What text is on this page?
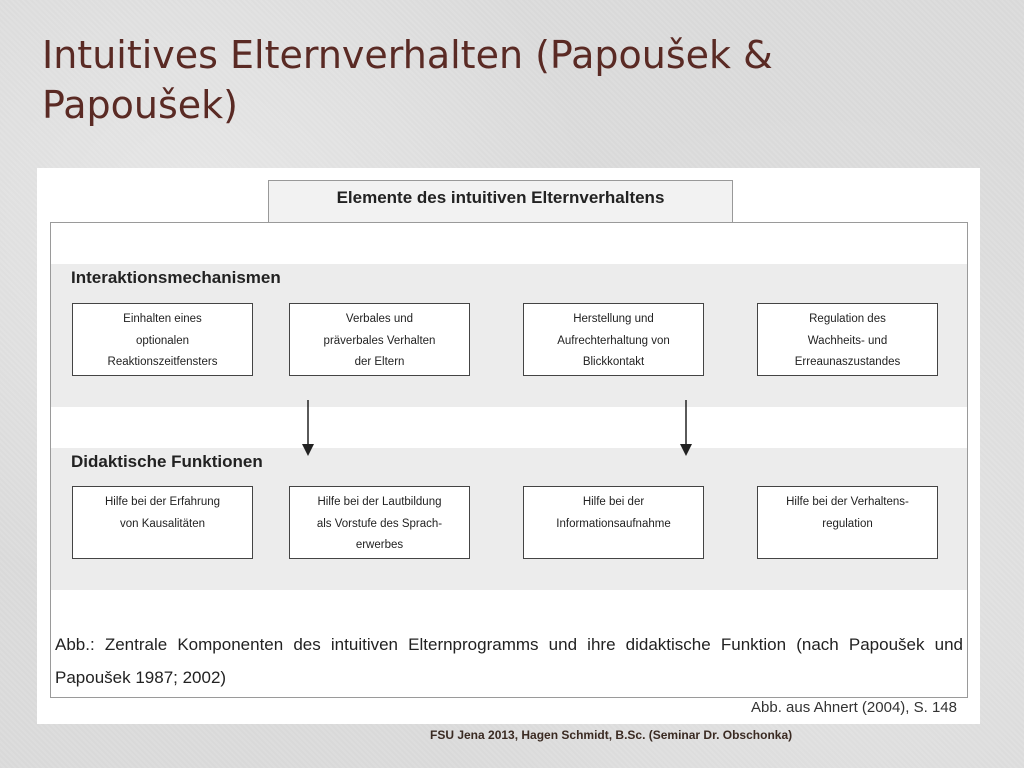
Intuitives Elternverhalten (Papoušek & Papoušek)
Elemente des intuitiven Elternverhaltens
Interaktionsmechanismen
Didaktische Funktionen
Einhalten eines
optionalen
Reaktionszeitfensters
Verbales und
präverbales Verhalten
der Eltern
Herstellung und
Aufrechterhaltung von
Blickkontakt
Regulation des
Wachheits- und
Erreaunaszustandes
Hilfe bei der Erfahrung
von Kausalitäten
Hilfe bei der Lautbildung
als Vorstufe des Sprach-
erwerbes
Hilfe bei der
Informationsaufnahme
Hilfe bei der Verhaltens-
regulation
Abb.: Zentrale Komponenten des intuitiven Elternprogramms und ihre didaktische Funktion (nach Papoušek und Papoušek 1987; 2002)
Abb. aus Ahnert (2004), S. 148
FSU Jena 2013, Hagen Schmidt, B.Sc. (Seminar Dr. Obschonka)
